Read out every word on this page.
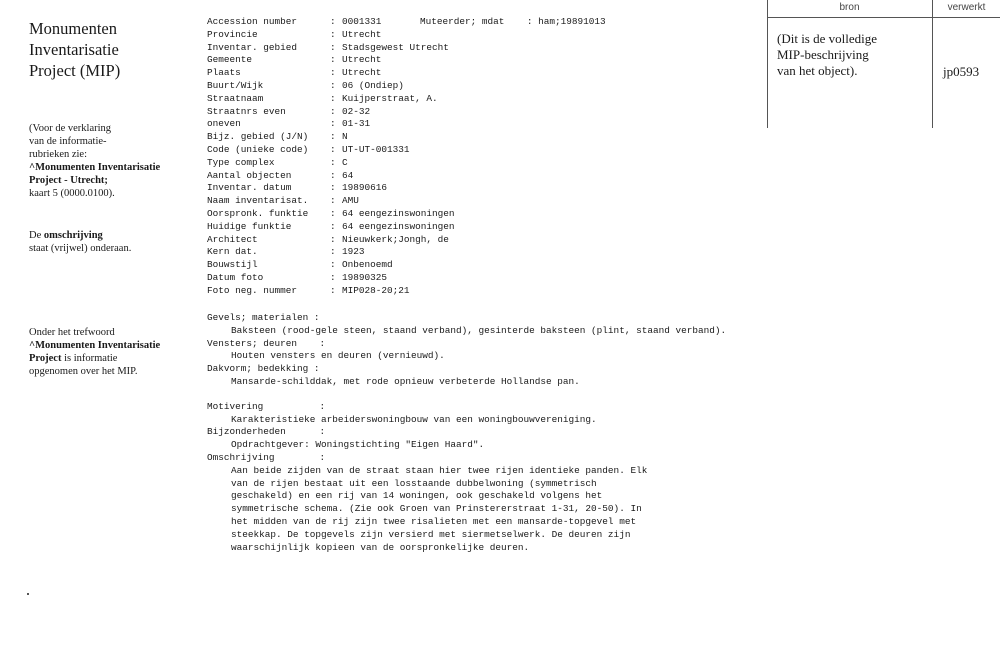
Monumenten
Inventarisatie
Project (MIP)
(Voor de verklaring
van de informatie-
rubrieken zie:
^Monumenten Inventarisatie
Project - Utrecht;
kaart 5 (0000.0100).
De omschrijving
staat (vrijwel) onderaan.
Onder het trefwoord
^Monumenten Inventarisatie
Project is informatie
opgenomen over het MIP.
Accession number	: 0001331
Provincie	: Utrecht
Inventar. gebied	: Stadsgewest Utrecht
Gemeente	: Utrecht
Plaats	: Utrecht
Buurt/Wijk	: 06 (Ondiep)
Straatnaam	: Kuijperstraat, A.
Straatnrs even	: 02-32
oneven	: 01-31
Bijz. gebied (J/N)	: N
Code (unieke code)	: UT-UT-001331
Type complex	: C
Aantal objecten	: 64
Inventar. datum	: 19890616
Naam inventarisat.	: AMU
Oorspronk. funktie	: 64 eengezinswoningen
Huidige funktie	: 64 eengezinswoningen
Architect	: Nieuwkerk;Jongh, de
Kern dat.	: 1923
Bouwstijl	: Onbenoemd
Datum foto	: 19890325
Foto neg. nummer	: MIP028-20;21
Muteerder; mdat    : ham;19891013
Gevels; materialen :
Baksteen (rood-gele steen, staand verband), gesinterde baksteen (plint, staand verband).
Vensters; deuren    :
Houten vensters en deuren (vernieuwd).
Dakvorm; bedekking :
Mansarde-schilddak, met rode opnieuw verbeterde Hollandse pan.
Motivering          :
Karakteristieke arbeiderswoningbouw van een woningbouwvereniging.
Bijzonderheden      :
Opdrachtgever: Woningstichting "Eigen Haard".
Omschrijving        :
Aan beide zijden van de straat staan hier twee rijen identieke panden. Elk
van de rijen bestaat uit een losstaande dubbelwoning (symmetrisch
geschakeld) en een rij van 14 woningen, ook geschakeld volgens het
symmetrische schema. (Zie ook Groen van Prinstererstraat 1-31, 20-50). In
het midden van de rij zijn twee risalieten met een mansarde-topgevel met
steekkap. De topgevels zijn versierd met siermetselwerk. De deuren zijn
waarschijnlijk kopieen van de oorspronkelijke deuren.
bron	verwerkt
(Dit is de volledige
MIP-beschrijving
van het object).	jp0593
